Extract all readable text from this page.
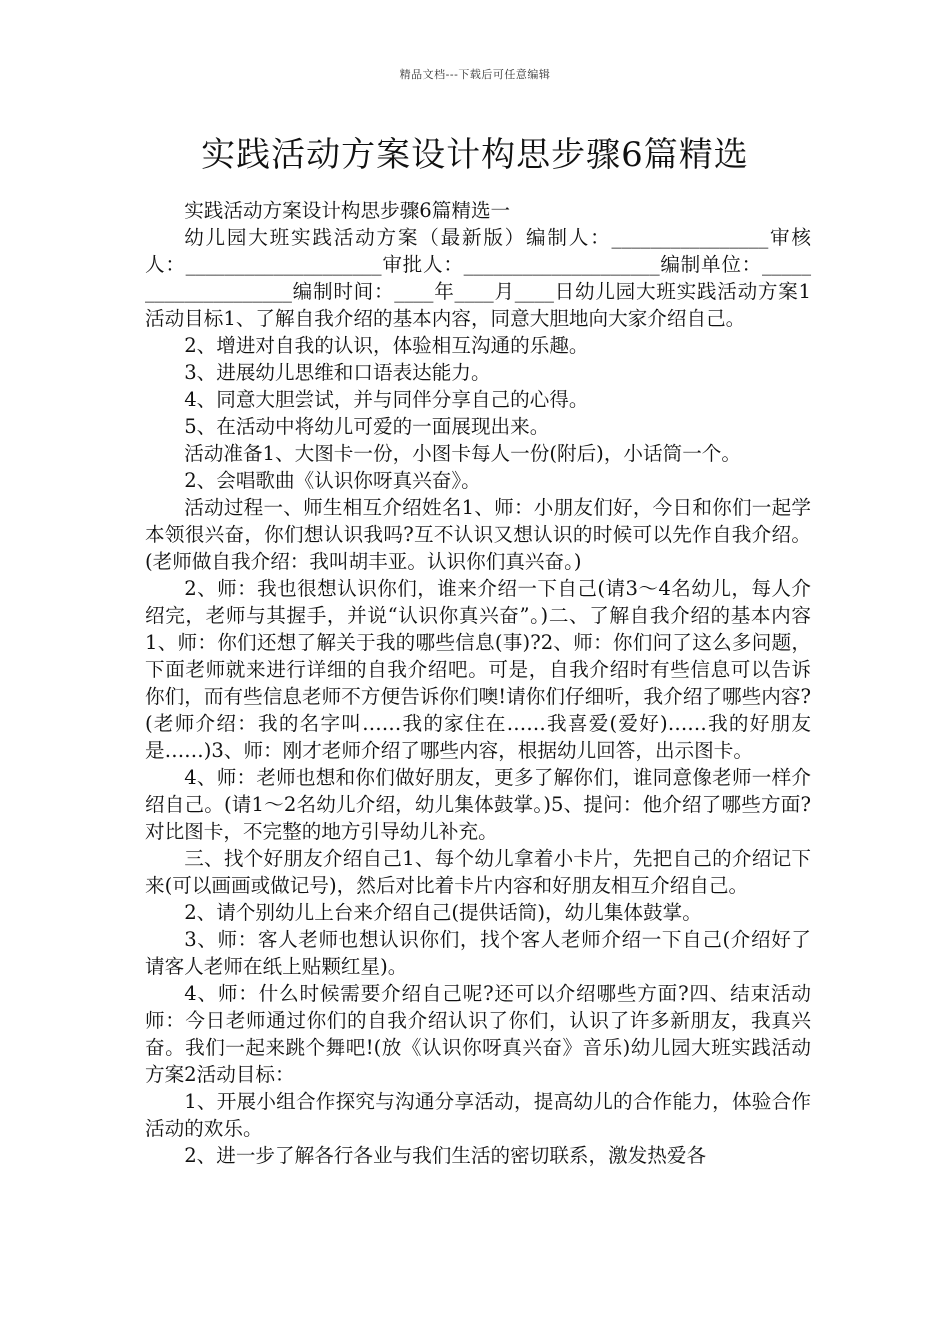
精品文档---下载后可任意编辑
实践活动方案设计构思步骤6篇精选

实践活动方案设计构思步骤6篇精选一

幼儿园大班实践活动方案（最新版）编制人：________________审核人：____________________审批人：____________________编制单位：____________________编制时间：____年____月____日幼儿园大班实践活动方案1活动目标1、了解自我介绍的基本内容，同意大胆地向大家介绍自己。

2、增进对自我的认识，体验相互沟通的乐趣。

3、进展幼儿思维和口语表达能力。

4、同意大胆尝试，并与同伴分享自己的心得。

5、在活动中将幼儿可爱的一面展现出来。

活动准备1、大图卡一份，小图卡每人一份(附后)，小话筒一个。

2、会唱歌曲《认识你呀真兴奋》。

活动过程一、师生相互介绍姓名1、师：小朋友们好，今日和你们一起学本领很兴奋，你们想认识我吗?互不认识又想认识的时候可以先作自我介绍。(老师做自我介绍：我叫胡丰亚。认识你们真兴奋。)

2、师：我也很想认识你们，谁来介绍一下自己(请3～4名幼儿，每人介绍完，老师与其握手，并说“认识你真兴奋”。)二、了解自我介绍的基本内容1、师：你们还想了解关于我的哪些信息(事)?2、师：你们问了这么多问题，下面老师就来进行详细的自我介绍吧。可是，自我介绍时有些信息可以告诉你们，而有些信息老师不方便告诉你们噢!请你们仔细听，我介绍了哪些内容?(老师介绍：我的名字叫……我的家住在……我喜爱(爱好)……我的好朋友是……)3、师：刚才老师介绍了哪些内容，根据幼儿回答，出示图卡。

4、师：老师也想和你们做好朋友，更多了解你们，谁同意像老师一样介绍自己。(请1～2名幼儿介绍，幼儿集体鼓掌。)5、提问：他介绍了哪些方面?对比图卡，不完整的地方引导幼儿补充。

三、找个好朋友介绍自己1、每个幼儿拿着小卡片，先把自己的介绍记下来(可以画画或做记号)，然后对比着卡片内容和好朋友相互介绍自己。

2、请个别幼儿上台来介绍自己(提供话筒)，幼儿集体鼓掌。

3、师：客人老师也想认识你们，找个客人老师介绍一下自己(介绍好了请客人老师在纸上贴颗红星)。

4、师：什么时候需要介绍自己呢?还可以介绍哪些方面?四、结束活动师：今日老师通过你们的自我介绍认识了你们，认识了许多新朋友，我真兴奋。我们一起来跳个舞吧!(放《认识你呀真兴奋》音乐)幼儿园大班实践活动方案2活动目标：

1、开展小组合作探究与沟通分享活动，提高幼儿的合作能力，体验合作活动的欢乐。

2、进一步了解各行各业与我们生活的密切联系，激发热爱各
